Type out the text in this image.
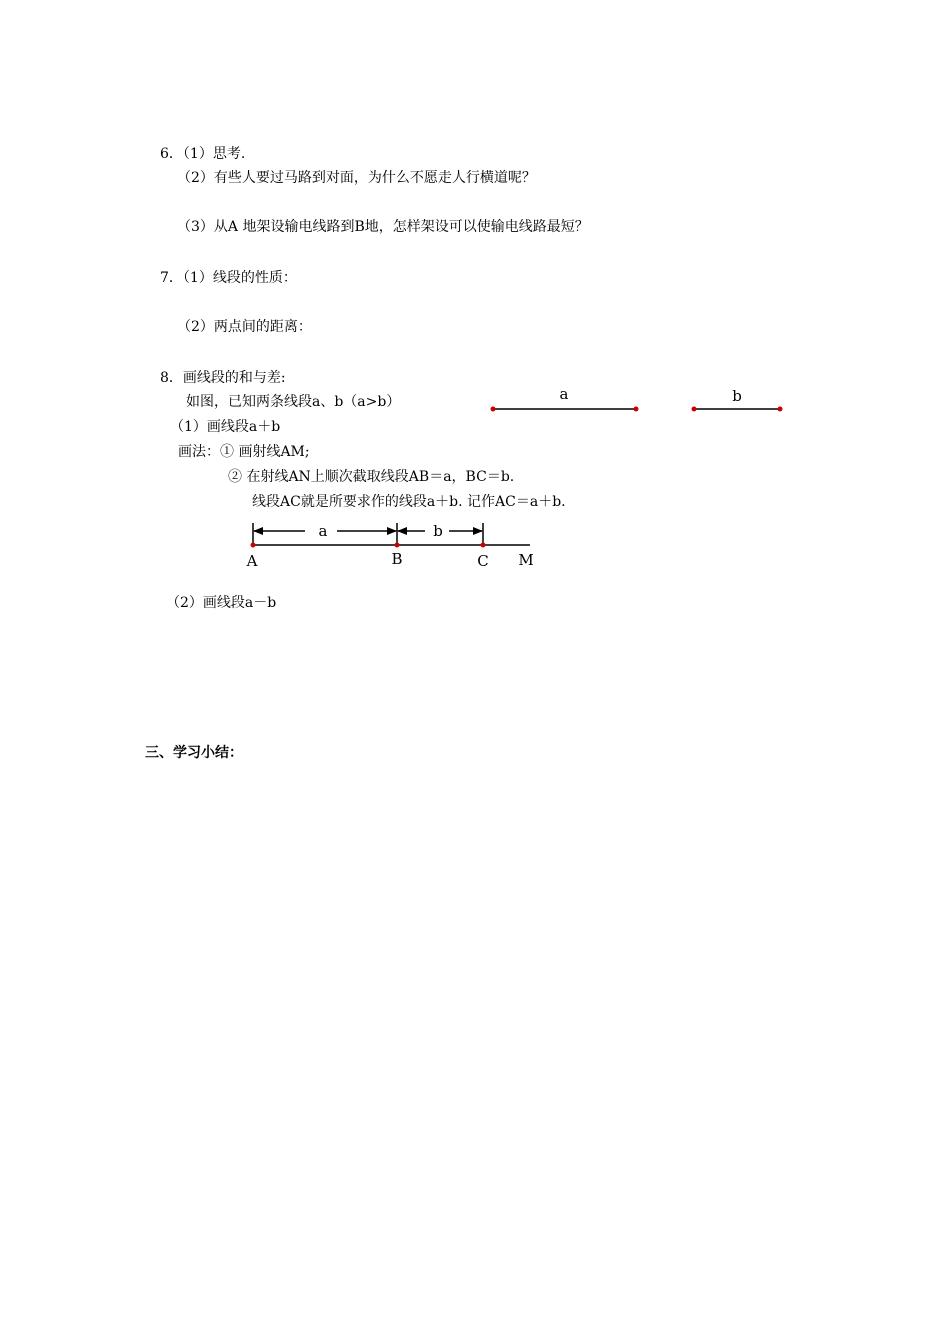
6．（1）思考.
（2）有些人要过马路到对面，为什么不愿走人行横道呢？
（3）从A 地架设输电线路到B地，怎样架设可以使输电线路最短？
7．（1）线段的性质：
（2）两点间的距离：
8．画线段的和与差:
如图，已知两条线段a、b（a>b）
（1）画线段a＋b
画法：① 画射线AM;
② 在射线AN上顺次截取线段AB＝a，BC＝b.
线段AC就是所要求作的线段a＋b. 记作AC＝a＋b.
a	b
a	b
A	B	C M
（2）画线段a－b
三、学习小结：
